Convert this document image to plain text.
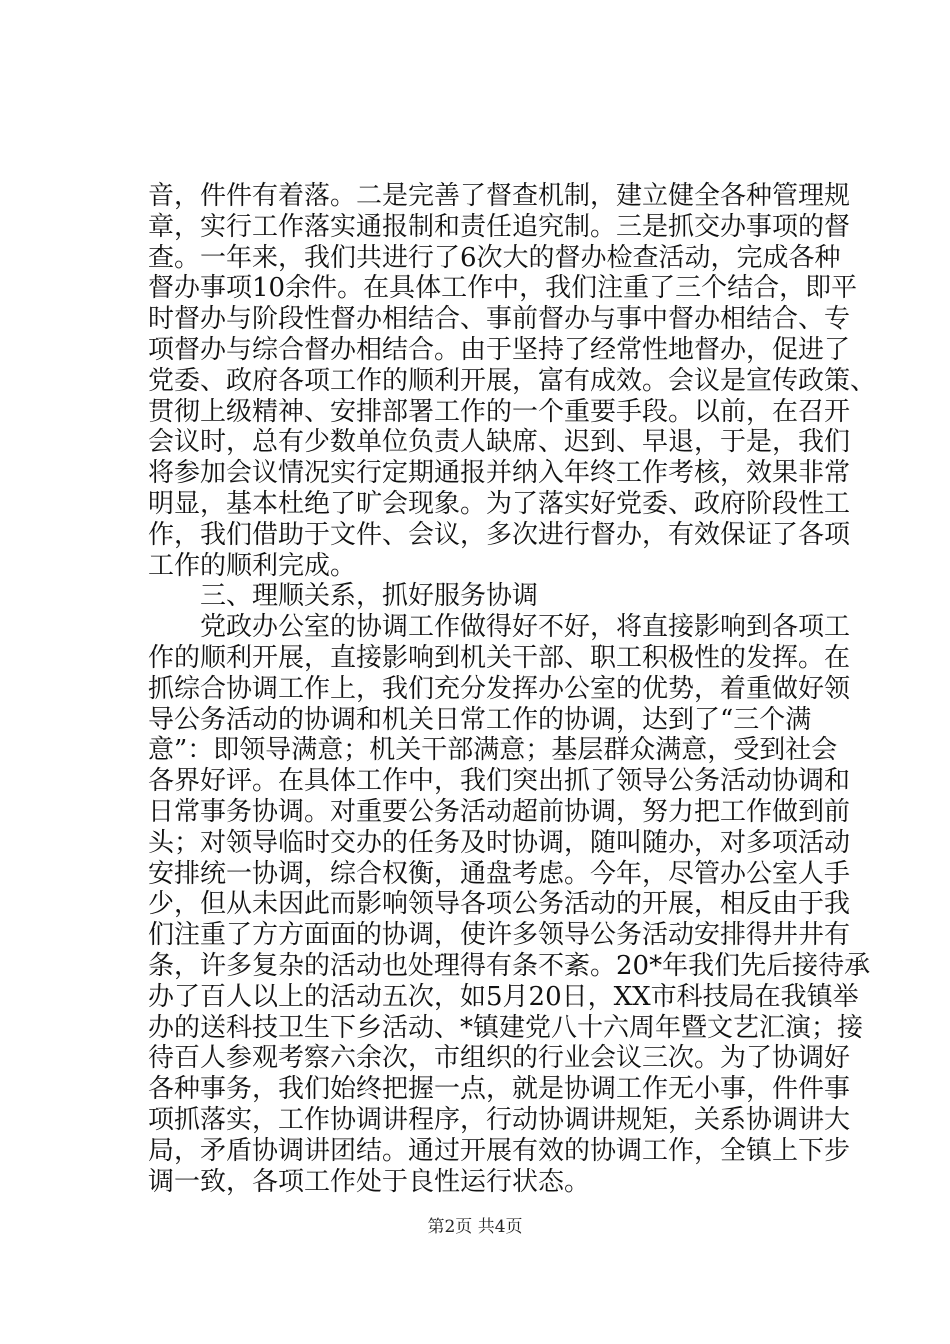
音，件件有着落。二是完善了督查机制，建立健全各种管理规
章，实行工作落实通报制和责任追究制。三是抓交办事项的督
查。一年来，我们共进行了6次大的督办检查活动，完成各种
督办事项10余件。在具体工作中，我们注重了三个结合，即平
时督办与阶段性督办相结合、事前督办与事中督办相结合、专
项督办与综合督办相结合。由于坚持了经常性地督办，促进了
党委、政府各项工作的顺利开展，富有成效。会议是宣传政策、
贯彻上级精神、安排部署工作的一个重要手段。以前，在召开
会议时，总有少数单位负责人缺席、迟到、早退，于是，我们
将参加会议情况实行定期通报并纳入年终工作考核，效果非常
明显，基本杜绝了旷会现象。为了落实好党委、政府阶段性工
作，我们借助于文件、会议，多次进行督办，有效保证了各项
工作的顺利完成。
三、理顺关系，抓好服务协调
党政办公室的协调工作做得好不好，将直接影响到各项工
作的顺利开展，直接影响到机关干部、职工积极性的发挥。在
抓综合协调工作上，我们充分发挥办公室的优势，着重做好领
导公务活动的协调和机关日常工作的协调，达到了“三个满
意”：即领导满意；机关干部满意；基层群众满意，受到社会
各界好评。在具体工作中，我们突出抓了领导公务活动协调和
日常事务协调。对重要公务活动超前协调，努力把工作做到前
头；对领导临时交办的任务及时协调，随叫随办，对多项活动
安排统一协调，综合权衡，通盘考虑。今年，尽管办公室人手
少，但从未因此而影响领导各项公务活动的开展，相反由于我
们注重了方方面面的协调，使许多领导公务活动安排得井井有
条，许多复杂的活动也处理得有条不紊。20*年我们先后接待承
办了百人以上的活动五次，如5月20日，XX市科技局在我镇举
办的送科技卫生下乡活动、*镇建党八十六周年暨文艺汇演；接
待百人参观考察六余次，市组织的行业会议三次。为了协调好
各种事务，我们始终把握一点，就是协调工作无小事，件件事
项抓落实，工作协调讲程序，行动协调讲规矩，关系协调讲大
局，矛盾协调讲团结。通过开展有效的协调工作，全镇上下步
调一致，各项工作处于良性运行状态。
第2页 共4页
